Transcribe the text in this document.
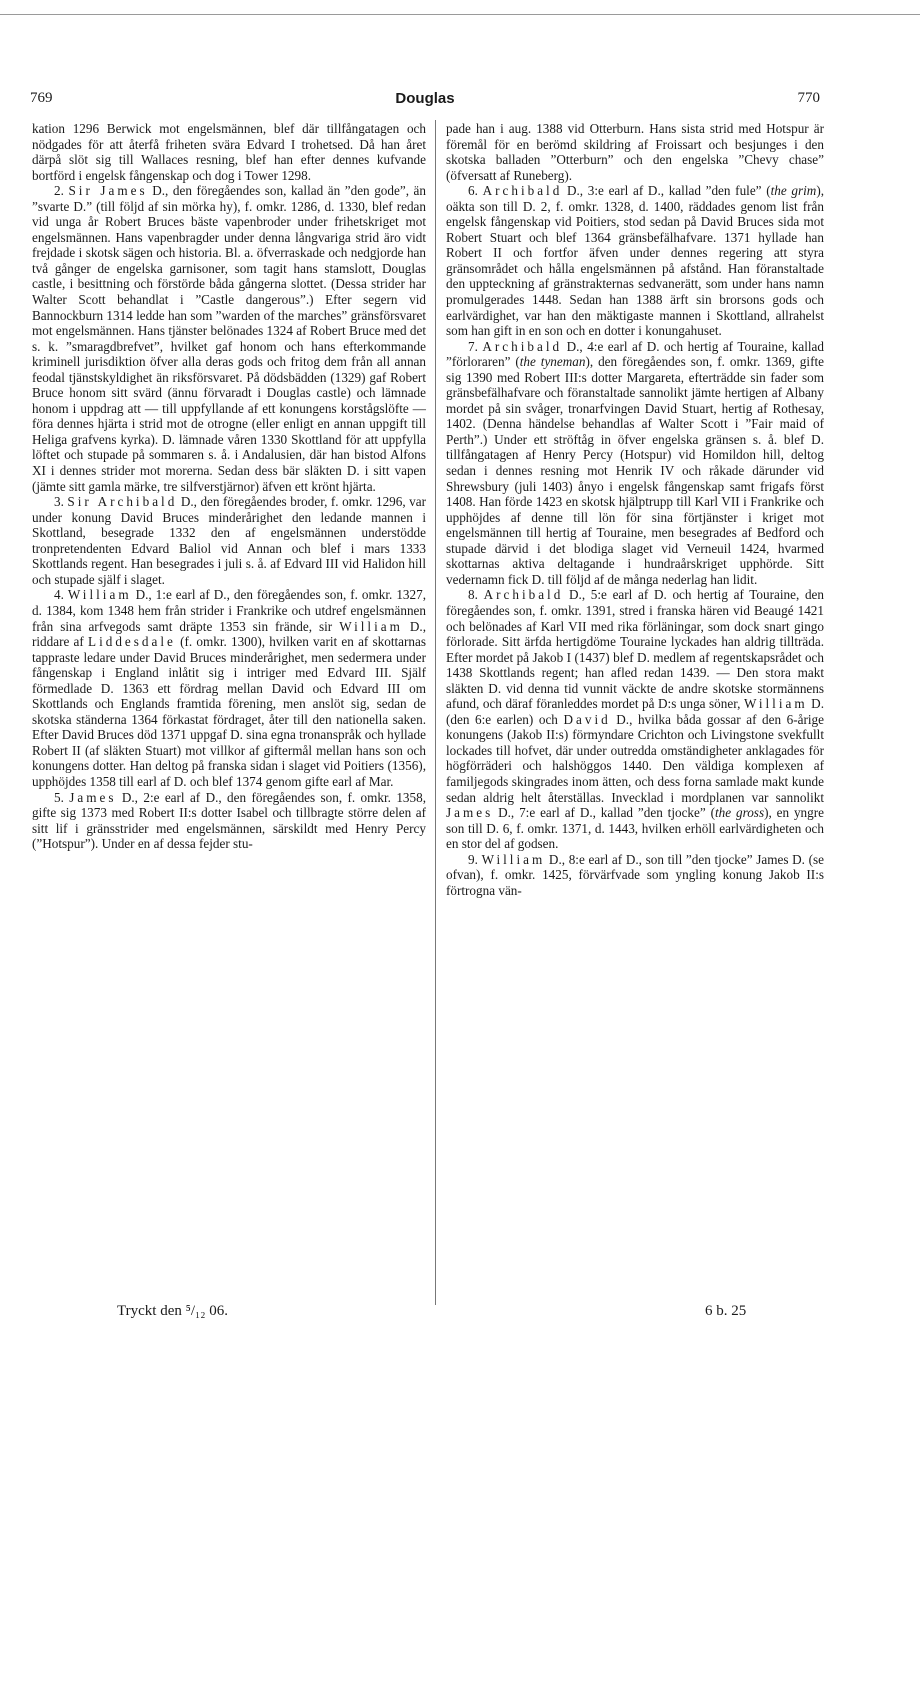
769	Douglas	770

kation 1296 Berwick mot engelsmännen, blef där tillfångatagen och nödgades för att återfå friheten svära Edvard I trohetsed. Då han året därpå slöt sig till Wallaces resning, blef han efter dennes kufvande bortförd i engelsk fångenskap och dog i Tower 1298.

2. Sir James D., den föregåendes son, kallad än ”den gode”, än ”svarte D.” (till följd af sin mörka hy), f. omkr. 1286, d. 1330, blef redan vid unga år Robert Bruces bäste vapenbroder under frihetskriget mot engelsmännen. Hans vapenbragder under denna långvariga strid äro vidt frejdade i skotsk sägen och historia. Bl. a. öfverraskade och nedgjorde han två gånger de engelska garnisoner, som tagit hans stamslott, Douglas castle, i besittning och förstörde båda gångerna slottet. (Dessa strider har Walter Scott behandlat i ”Castle dangerous”.) Efter segern vid Bannockburn 1314 ledde han som ”warden of the marches” gränsförsvaret mot engelsmännen. Hans tjänster belönades 1324 af Robert Bruce med det s. k. ”smaragdbrefvet”, hvilket gaf honom och hans efterkommande kriminell jurisdiktion öfver alla deras gods och fritog dem från all annan feodal tjänstskyldighet än riksförsvaret. På dödsbädden (1329) gaf Robert Bruce honom sitt svärd (ännu förvaradt i Douglas castle) och lämnade honom i uppdrag att — till uppfyllande af ett konungens korstågslöfte — föra dennes hjärta i strid mot de otrogne (eller enligt en annan uppgift till Heliga grafvens kyrka). D. lämnade våren 1330 Skottland för att uppfylla löftet och stupade på sommaren s. å. i Andalusien, där han bistod Alfons XI i dennes strider mot morerna. Sedan dess bär släkten D. i sitt vapen (jämte sitt gamla märke, tre silfverstjärnor) äfven ett krönt hjärta.

3. Sir Archibald D., den föregåendes broder, f. omkr. 1296, var under konung David Bruces minderårighet den ledande mannen i Skottland, besegrade 1332 den af engelsmännen understödde tronpretendenten Edvard Baliol vid Annan och blef i mars 1333 Skottlands regent. Han besegrades i juli s. å. af Edvard III vid Halidon hill och stupade själf i slaget.

4. William D., 1:e earl af D., den föregåendes son, f. omkr. 1327, d. 1384, kom 1348 hem från strider i Frankrike och utdref engelsmännen från sina arfvegods samt dräpte 1353 sin frände, sir William D., riddare af Liddesdale (f. omkr. 1300), hvilken varit en af skottarnas tappraste ledare under David Bruces minderårighet, men sedermera under fångenskap i England inlåtit sig i intriger med Edvard III. Själf förmedlade D. 1363 ett fördrag mellan David och Edvard III om Skottlands och Englands framtida förening, men anslöt sig, sedan de skotska ständerna 1364 förkastat fördraget, åter till den nationella saken. Efter David Bruces död 1371 uppgaf D. sina egna tronanspråk och hyllade Robert II (af släkten Stuart) mot villkor af giftermål mellan hans son och konungens dotter. Han deltog på franska sidan i slaget vid Poitiers (1356), upphöjdes 1358 till earl af D. och blef 1374 genom gifte earl af Mar.

5. James D., 2:e earl af D., den föregåendes son, f. omkr. 1358, gifte sig 1373 med Robert II:s dotter Isabel och tillbragte större delen af sitt lif i gränsstrider med engelsmännen, särskildt med Henry Percy (”Hotspur”). Under en af dessa fejder stu-

pade han i aug. 1388 vid Otterburn. Hans sista strid med Hotspur är föremål för en berömd skildring af Froissart och besjunges i den skotska balladen ”Otterburn” och den engelska ”Chevy chase” (öfversatt af Runeberg).

6. Archibald D., 3:e earl af D., kallad ”den fule” (the grim), oäkta son till D. 2, f. omkr. 1328, d. 1400, räddades genom list från engelsk fångenskap vid Poitiers, stod sedan på David Bruces sida mot Robert Stuart och blef 1364 gränsbefälhafvare. 1371 hyllade han Robert II och fortfor äfven under dennes regering att styra gränsområdet och hålla engelsmännen på afstånd. Han föranstaltade den uppteckning af gränstrakternas sedvanerätt, som under hans namn promulgerades 1448. Sedan han 1388 ärft sin brorsons gods och earlvärdighet, var han den mäktigaste mannen i Skottland, allrahelst som han gift in en son och en dotter i konungahuset.

7. Archibald D., 4:e earl af D. och hertig af Touraine, kallad ”förloraren” (the tyneman), den föregåendes son, f. omkr. 1369, gifte sig 1390 med Robert III:s dotter Margareta, efterträdde sin fader som gränsbefälhafvare och föranstaltade sannolikt jämte hertigen af Albany mordet på sin svåger, tronarfvingen David Stuart, hertig af Rothesay, 1402. (Denna händelse behandlas af Walter Scott i ”Fair maid of Perth”.) Under ett ströftåg in öfver engelska gränsen s. å. blef D. tillfångatagen af Henry Percy (Hotspur) vid Homildon hill, deltog sedan i dennes resning mot Henrik IV och råkade därunder vid Shrewsbury (juli 1403) ånyo i engelsk fångenskap samt frigafs först 1408. Han förde 1423 en skotsk hjälptrupp till Karl VII i Frankrike och upphöjdes af denne till lön för sina förtjänster i kriget mot engelsmännen till hertig af Touraine, men besegrades af Bedford och stupade därvid i det blodiga slaget vid Verneuil 1424, hvarmed skottarnas aktiva deltagande i hundraårskriget upphörde. Sitt vedernamn fick D. till följd af de många nederlag han lidit.

8. Archibald D., 5:e earl af D. och hertig af Touraine, den föregåendes son, f. omkr. 1391, stred i franska hären vid Beaugé 1421 och belönades af Karl VII med rika förläningar, som dock snart gingo förlorade. Sitt ärfda hertigdöme Touraine lyckades han aldrig tillträda. Efter mordet på Jakob I (1437) blef D. medlem af regentskapsrådet och 1438 Skottlands regent; han afled redan 1439. — Den stora makt släkten D. vid denna tid vunnit väckte de andre skotske stormännens afund, och däraf föranleddes mordet på D:s unga söner, William D. (den 6:e earlen) och David D., hvilka båda gossar af den 6-årige konungens (Jakob II:s) förmyndare Crichton och Livingstone svekfullt lockades till hofvet, där under outredda omständigheter anklagades för högförräderi och halshöggos 1440. Den väldiga komplexen af familjegods skingrades inom ätten, och dess forna samlade makt kunde sedan aldrig helt återställas. Invecklad i mordplanen var sannolikt James D., 7:e earl af D., kallad ”den tjocke” (the gross), en yngre son till D. 6, f. omkr. 1371, d. 1443, hvilken erhöll earlvärdigheten och en stor del af godsen.

9. William D., 8:e earl af D., son till ”den tjocke” James D. (se ofvan), f. omkr. 1425, förvärfvade som yngling konung Jakob II:s förtrogna vän-

Tryckt den ⁵/₁₂ 06.	6 b. 25
